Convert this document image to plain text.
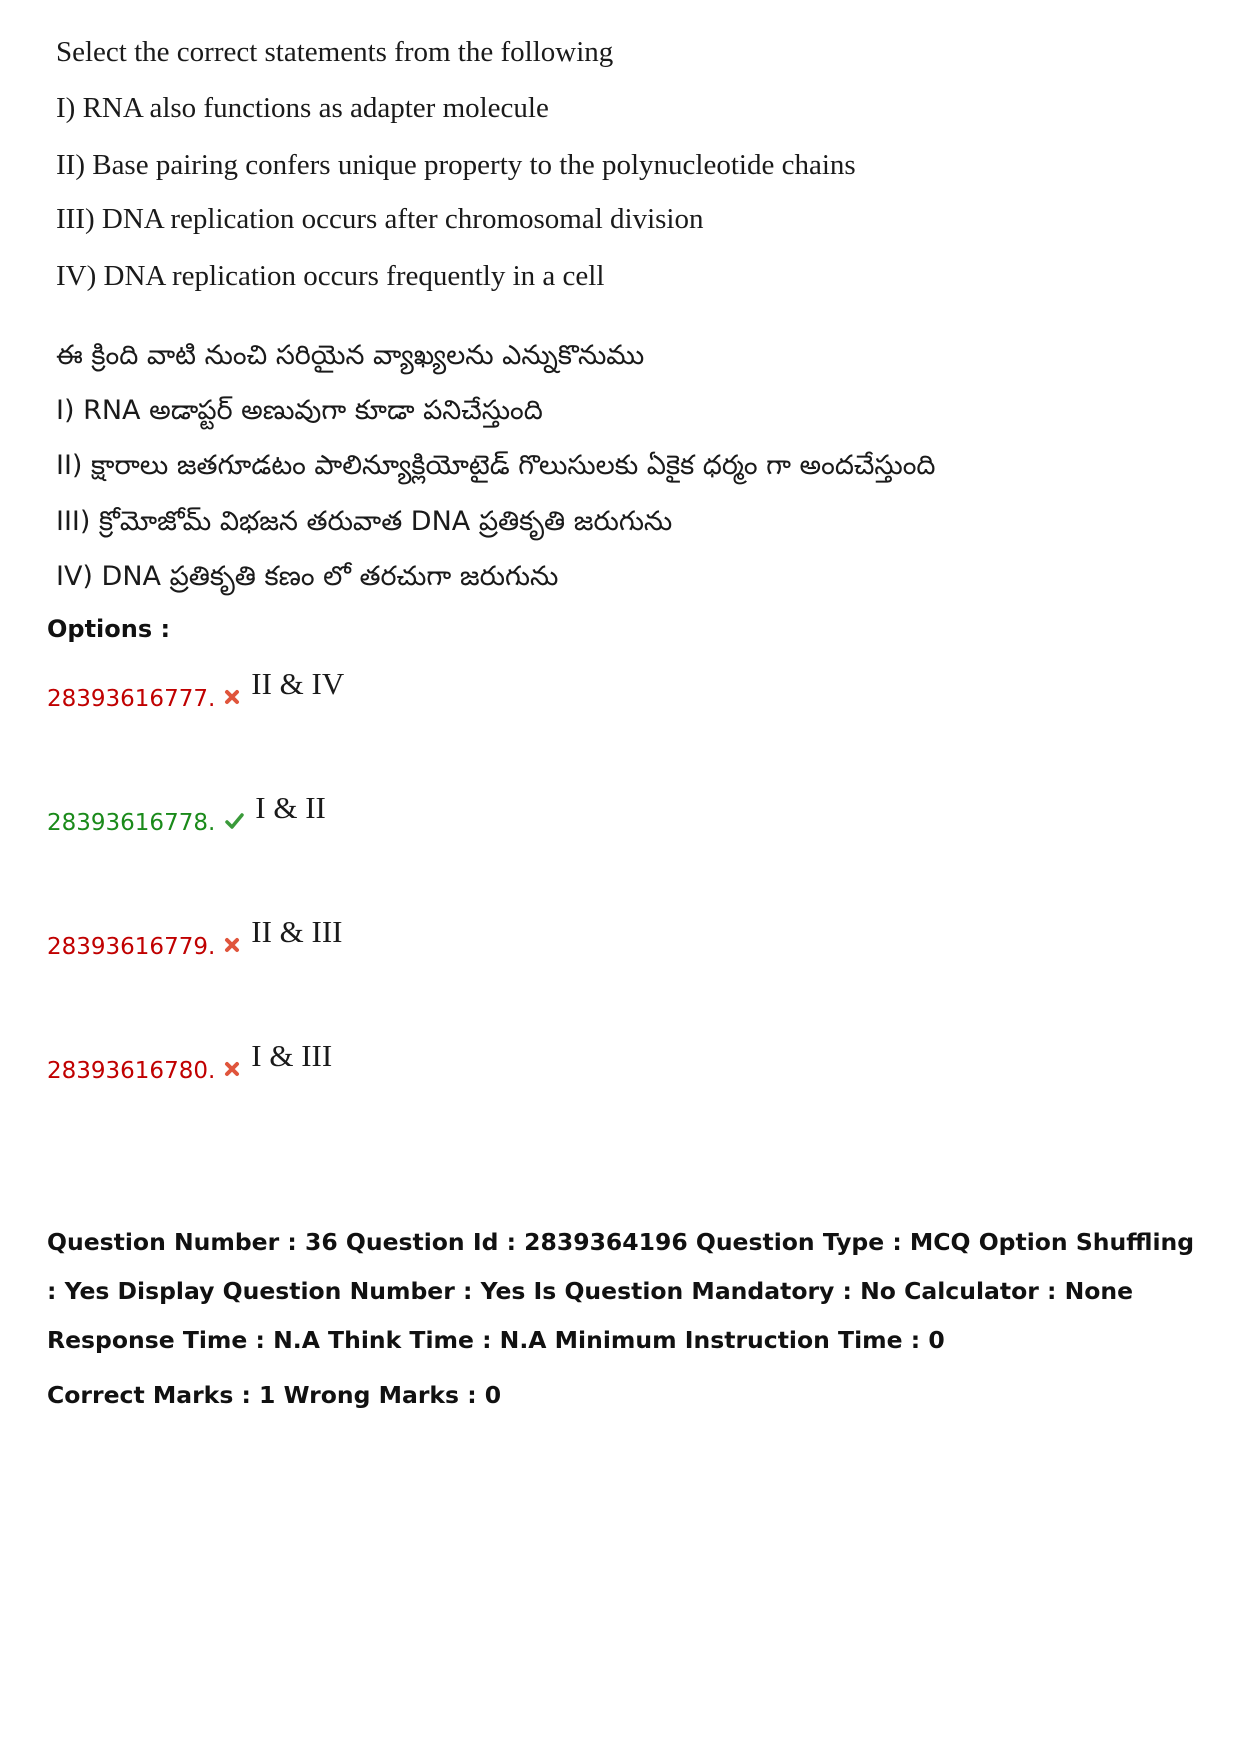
Select the correct statements from the following
I) RNA also functions as adapter molecule
II) Base pairing confers unique property to the polynucleotide chains
III) DNA replication occurs after chromosomal division
IV) DNA replication occurs frequently in a cell
ఈ క్రింది వాటి నుంచి సరియైన వ్యాఖ్యలను ఎన్నుకొనుము
I) RNA అడాప్టర్ అణువుగా కూడా పనిచేస్తుంది
II) క్షారాలు జతగూడటం పాలిన్యూక్లియోటైడ్ గొలుసులకు ఏకైక ధర్మం గా అందచేస్తుంది
III) క్రోమోజోమ్ విభజన తరువాత DNA ప్రతికృతి జరుగును
IV) DNA ప్రతికృతి కణం లో తరచుగా జరుగును
Options :
28393616777. II & IV
28393616778. I & II
28393616779. II & III
28393616780. I & III
Question Number : 36 Question Id : 2839364196 Question Type : MCQ Option Shuffling : Yes Display Question Number : Yes Is Question Mandatory : No Calculator : None Response Time : N.A Think Time : N.A Minimum Instruction Time : 0
Correct Marks : 1 Wrong Marks : 0
